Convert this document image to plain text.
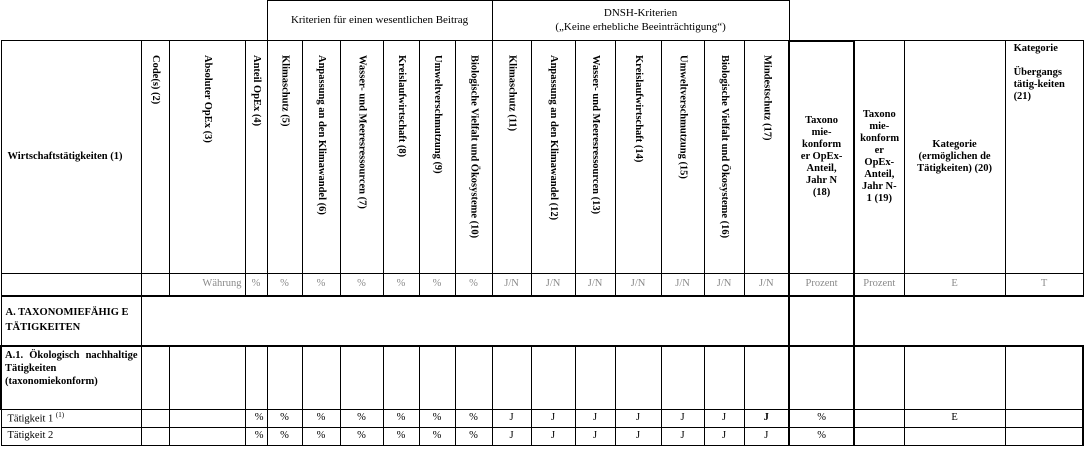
				Kriterien für einen wesentlichen Beitrag						DNSH-Kriterien
(„Keine erhebliche Beeinträchtigung“)										

Wirtschaftstätigkeiten (1)	Code(s) (2)	Absoluter OpEx (3)	Anteil OpEx (4)	Klimaschutz (5)	Anpassung an den Klimawandel (6)	Wasser- und Meeresressourcen (7)	Kreislaufwirtschaft (8)	Umweltverschmutzung (9)	Biologische Vielfalt und Ökosysteme (10)	Klimaschutz (11)	Anpassung an den Klimawandel (12)	Wasser- und Meeresressourcen (13)	Kreislaufwirtschaft (14)	Umweltverschmutzung (15)	Biologische Vielfalt und Ökosysteme (16)	Mindestschutz (17)	Taxono mie-konform er OpEx-Anteil, Jahr N (18)	Taxono mie-konform er OpEx-Anteil, Jahr N-1 (19)	Kategorie (ermöglichen de Tätigkeiten) (20)	Kategorie
Übergangs tätig-keiten (21)

		Währung	%	%	%	%	%	%	%	J/N	J/N	J/N	J/N	J/N	J/N	J/N	Prozent	Prozent	E	T
A. TAXONOMIEFÄHIG E TÄTIGKEITEN																				
A.1. Ökologisch nachhaltige Tätigkeiten (taxonomiekonform)																				
Tätigkeit 1 $^{(1)}$			%	%	%	%	%	%	%	J	J	J	J	J	J	J	%		E	
Tätigkeit 2			%	%	%	%	%	%	%	J	J	J	J	J	J	J	%			
